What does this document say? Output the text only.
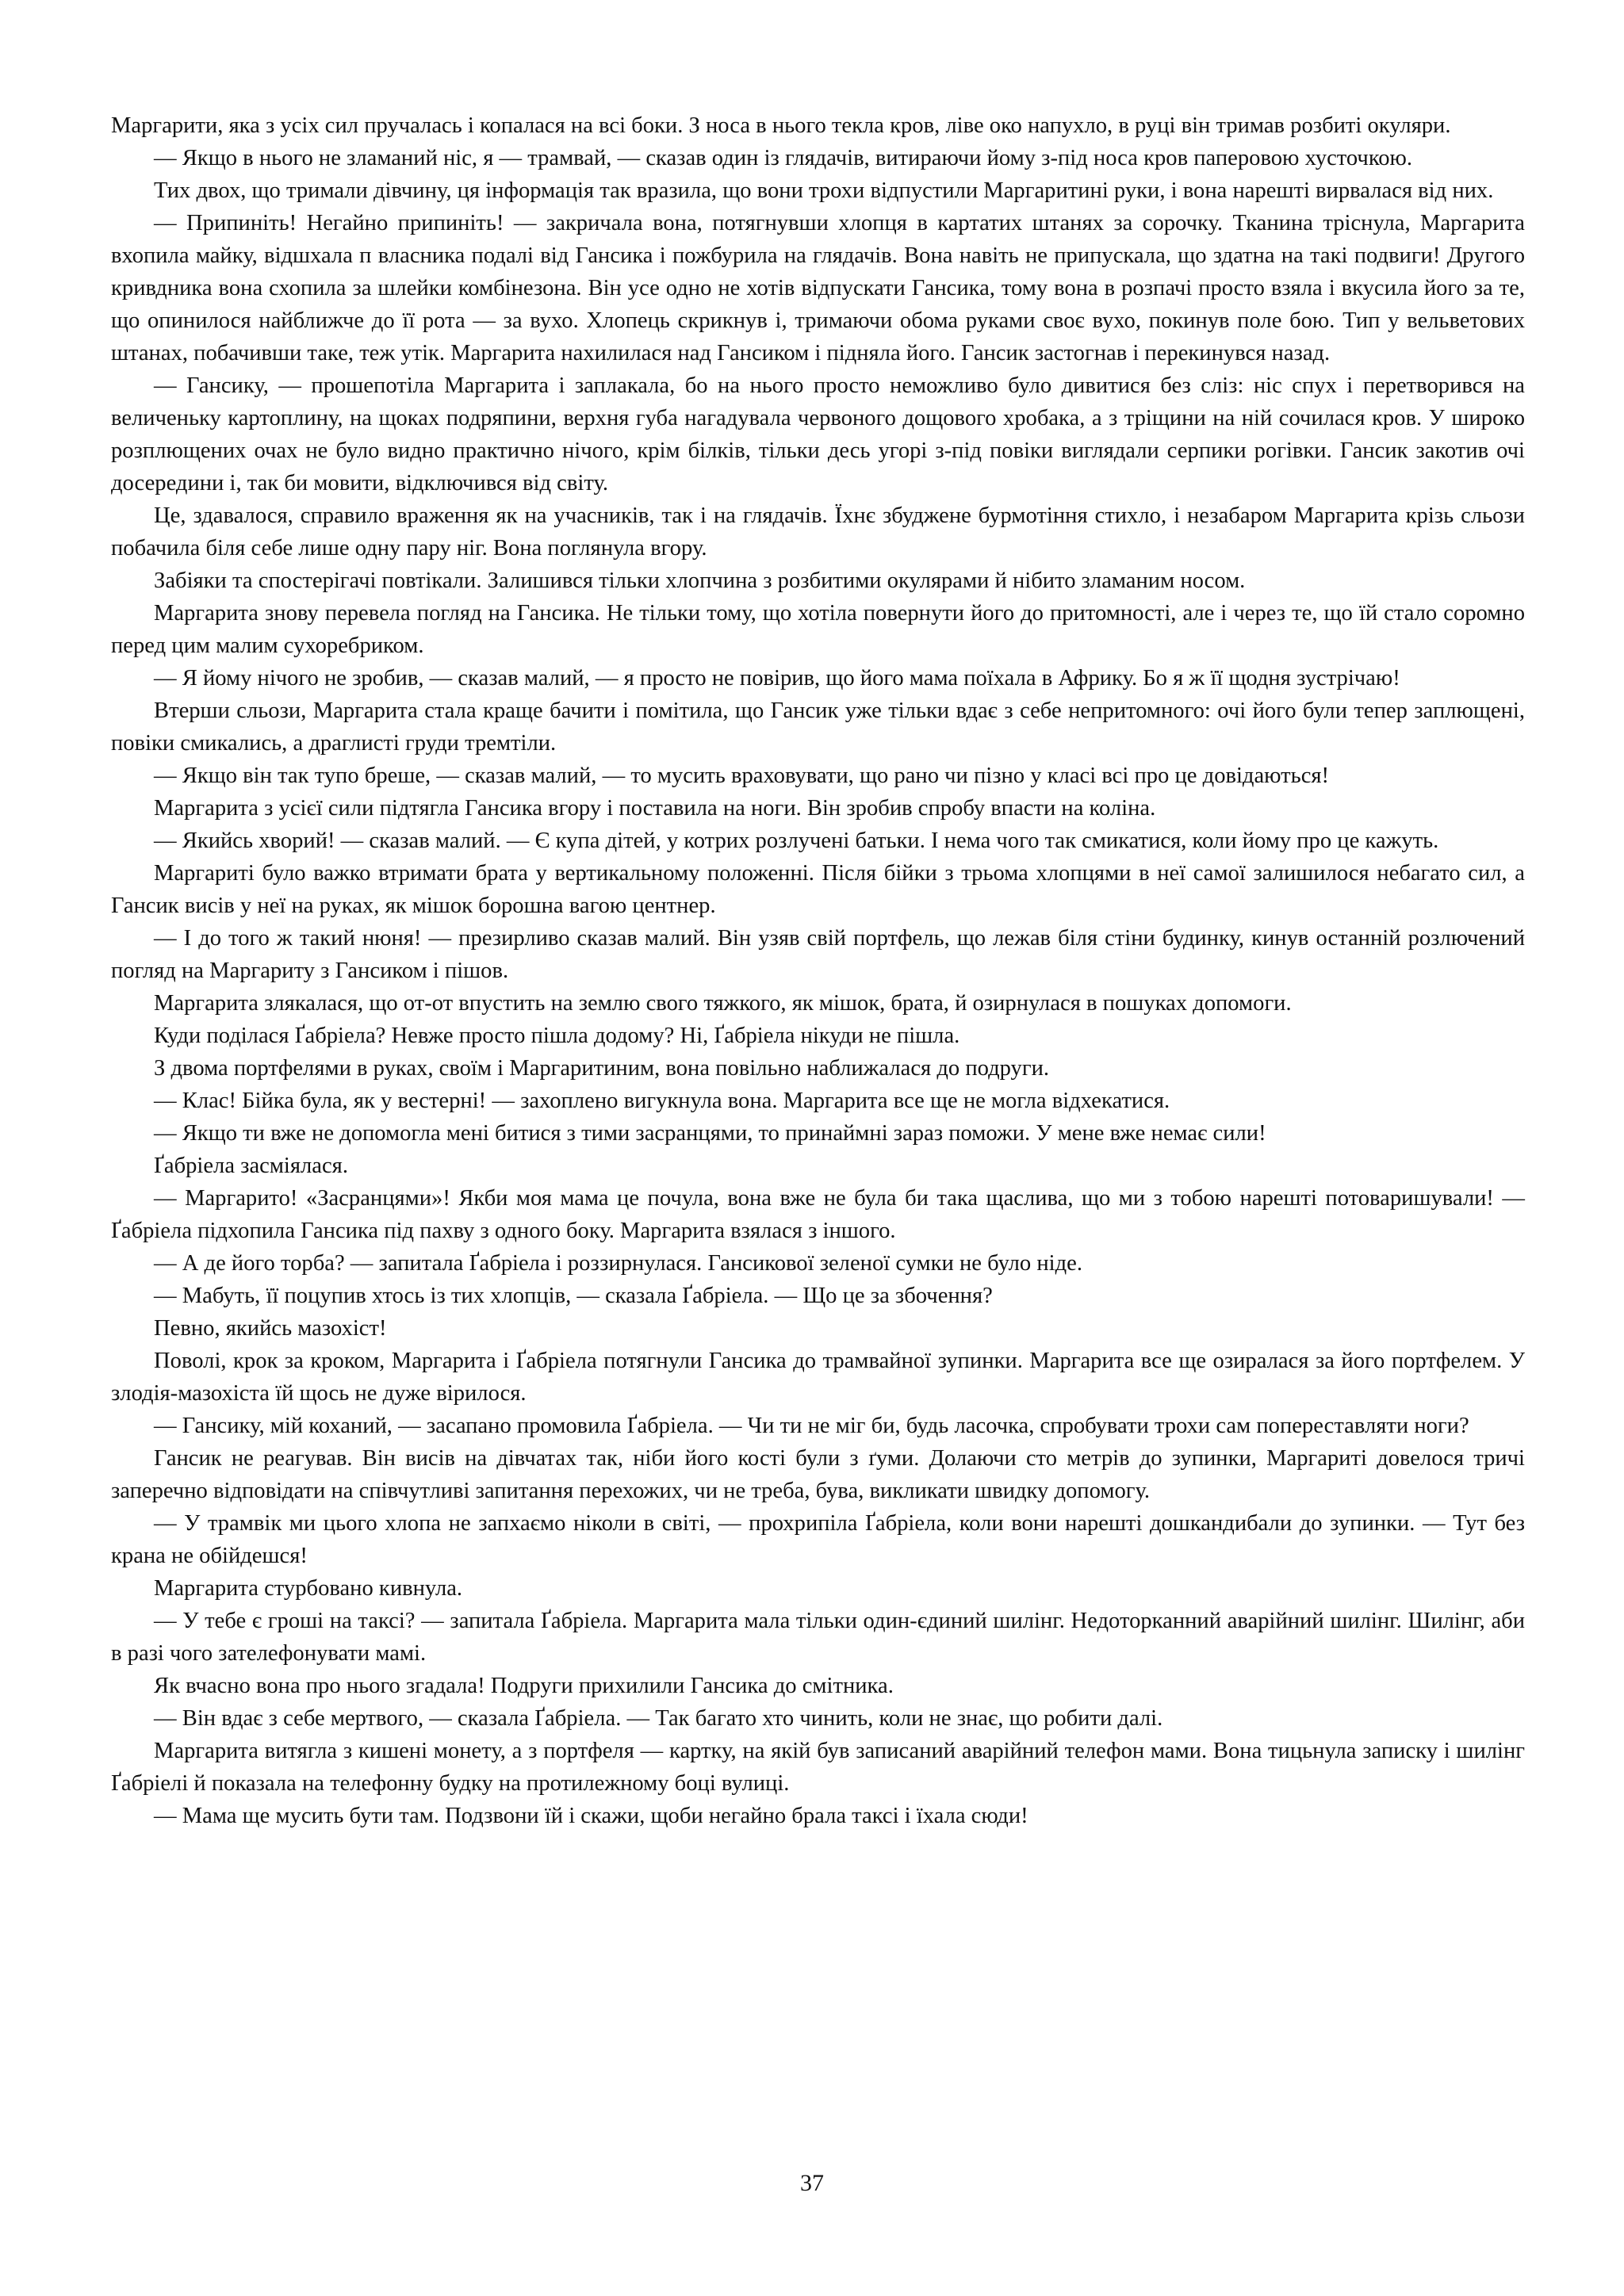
Маргарити, яка з усіх сил пручалась і копалася на всі боки. З носа в нього текла кров, ліве око напухло, в руці він тримав розбиті окуляри.

— Якщо в нього не зламаний ніс, я — трамвай, — сказав один із глядачів, витираючи йому з-під носа кров паперовою хусточкою.

Тих двох, що тримали дівчину, ця інформація так вразила, що вони трохи відпустили Маргаритині руки, і вона нарешті вирвалася від них.

— Припиніть! Негайно припиніть! — закричала вона, потягнувши хлопця в картатих штанях за сорочку. Тканина тріснула, Маргарита вхопила майку, відшхала п власника подалі від Гансика і пожбурила на глядачів. Вона навіть не припускала, що здатна на такі подвиги! Другого кривдника вона схопила за шлейки комбінезона. Він усе одно не хотів відпускати Гансика, тому вона в розпачі просто взяла і вкусила його за те, що опинилося найближче до її рота — за вухо. Хлопець скрикнув і, тримаючи обома руками своє вухо, покинув поле бою. Тип у вельветових штанах, побачивши таке, теж утік. Маргарита нахилилася над Гансиком і підняла його. Гансик застогнав і перекинувся назад.

— Гансику, — прошепотіла Маргарита і заплакала, бо на нього просто неможливо було дивитися без сліз: ніс спух і перетворився на величеньку картоплину, на щоках подряпини, верхня губа нагадувала червоного дощового хробака, а з тріщини на ній сочилася кров. У широко розплющених очах не було видно практично нічого, крім білків, тільки десь угорі з-під повіки виглядали серпики рогівки. Гансик закотив очі досередини і, так би мовити, відключився від світу.

Це, здавалося, справило враження як на учасників, так і на глядачів. Їхнє збуджене бурмотіння стихло, і незабаром Маргарита крізь сльози побачила біля себе лише одну пару ніг. Вона поглянула вгору.

Забіяки та спостерігачі повтікали. Залишився тільки хлопчина з розбитими окулярами й нібито зламаним носом.

Маргарита знову перевела погляд на Гансика. Не тільки тому, що хотіла повернути його до притомності, але і через те, що їй стало соромно перед цим малим сухоребриком.

— Я йому нічого не зробив, — сказав малий, — я просто не повірив, що його мама поїхала в Африку. Бо я ж її щодня зустрічаю!

Втерши сльози, Маргарита стала краще бачити і помітила, що Гансик уже тільки вдає з себе непритомного: очі його були тепер заплющені, повіки смикались, а драглисті груди тремтіли.

— Якщо він так тупо бреше, — сказав малий, — то мусить враховувати, що рано чи пізно у класі всі про це довідаються!

Маргарита з усієї сили підтягла Гансика вгору і поставила на ноги. Він зробив спробу впасти на коліна.

— Якийсь хворий! — сказав малий. — Є купа дітей, у котрих розлучені батьки. І нема чого так смикатися, коли йому про це кажуть.

Маргариті було важко втримати брата у вертикальному положенні. Після бійки з трьома хлопцями в неї самої залишилося небагато сил, а Гансик висів у неї на руках, як мішок борошна вагою центнер.

— І до того ж такий нюня! — презирливо сказав малий. Він узяв свій портфель, що лежав біля стіни будинку, кинув останній розлючений погляд на Маргариту з Гансиком і пішов.

Маргарита злякалася, що от-от впустить на землю свого тяжкого, як мішок, брата, й озирнулася в пошуках допомоги.

Куди поділася Ґабріела? Невже просто пішла додому? Ні, Ґабріела нікуди не пішла.

З двома портфелями в руках, своїм і Маргаритиним, вона повільно наближалася до подруги.

— Клас! Бійка була, як у вестерні! — захоплено вигукнула вона. Маргарита все ще не могла відхекатися.

— Якщо ти вже не допомогла мені битися з тими засранцями, то принаймні зараз поможи. У мене вже немає сили!

Ґабріела засміялася.

— Маргарито! «Засранцями»! Якби моя мама це почула, вона вже не була би така щаслива, що ми з тобою нарешті потоваришували! — Ґабріела підхопила Гансика під пахву з одного боку. Маргарита взялася з іншого.

— А де його торба? — запитала Ґабріела і роззирнулася. Гансикової зеленої сумки не було ніде.

— Мабуть, її поцупив хтось із тих хлопців, — сказала Ґабріела. — Що це за збочення?

Певно, якийсь мазохіст!

Поволі, крок за кроком, Маргарита і Ґабріела потягнули Гансика до трамвайної зупинки. Маргарита все ще озиралася за його портфелем. У злодія-мазохіста їй щось не дуже вірилося.

— Гансику, мій коханий, — засапано промовила Ґабріела. — Чи ти не міг би, будь ласочка, спробувати трохи сам попереставляти ноги?

Гансик не реагував. Він висів на дівчатах так, ніби його кості були з ґуми. Долаючи сто метрів до зупинки, Маргариті довелося тричі заперечно відповідати на співчутливі запитання перехожих, чи не треба, бува, викликати швидку допомогу.

— У трамвік ми цього хлопа не запхаємо ніколи в світі, — прохрипіла Ґабріела, коли вони нарешті дошкандибали до зупинки. — Тут без крана не обійдешся!

Маргарита стурбовано кивнула.

— У тебе є гроші на таксі? — запитала Ґабріела. Маргарита мала тільки один-єдиний шилінг. Недоторканний аварійний шилінг. Шилінг, аби в разі чого зателефонувати мамі.

Як вчасно вона про нього згадала! Подруги прихилили Гансика до смітника.

— Він вдає з себе мертвого, — сказала Ґабріела. — Так багато хто чинить, коли не знає, що робити далі.

Маргарита витягла з кишені монету, а з портфеля — картку, на якій був записаний аварійний телефон мами. Вона тицьнула записку і шилінг Ґабріелі й показала на телефонну будку на протилежному боці вулиці.

— Мама ще мусить бути там. Подзвони їй і скажи, щоби негайно брала таксі і їхала сюди!

37
